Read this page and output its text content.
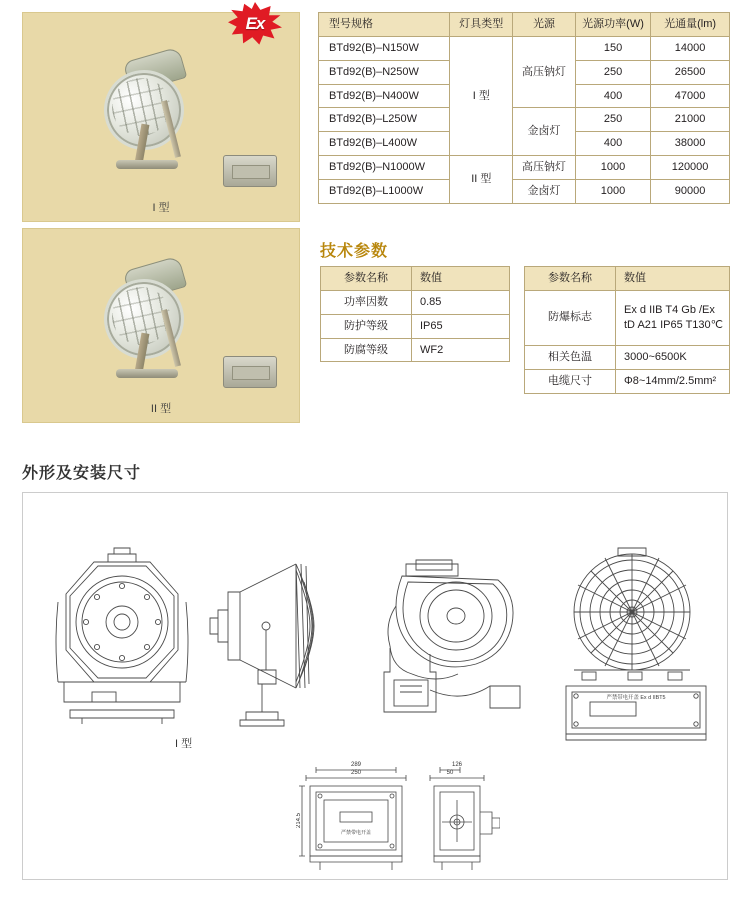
I 型
Ex
II 型
型号规格	灯具类型	光源	光源功率(W)	光通量(lm)
BTd92(B)–N150W	I 型	高压钠灯	150	14000
BTd92(B)–N250W			250	26500
BTd92(B)–N400W			400	47000
BTd92(B)–L250W		金卤灯	250	21000
BTd92(B)–L400W			400	38000
BTd92(B)–N1000W	II 型	高压钠灯	1000	120000
BTd92(B)–L1000W		金卤灯	1000	90000
技术参数
参数名称	数值
功率因数	0.85
防护等级	IP65
防腐等级	WF2
参数名称	数值
防爆标志	Ex d IIB T4 Gb /Ex tD A21 IP65 T130℃
相关色温	3000~6500K
电缆尺寸	Φ8~14mm/2.5mm²
外形及安装尺寸
严禁带电开盖 Ex d IIBT5
I 型
289
250
214.5
严禁带电开盖
126
50
